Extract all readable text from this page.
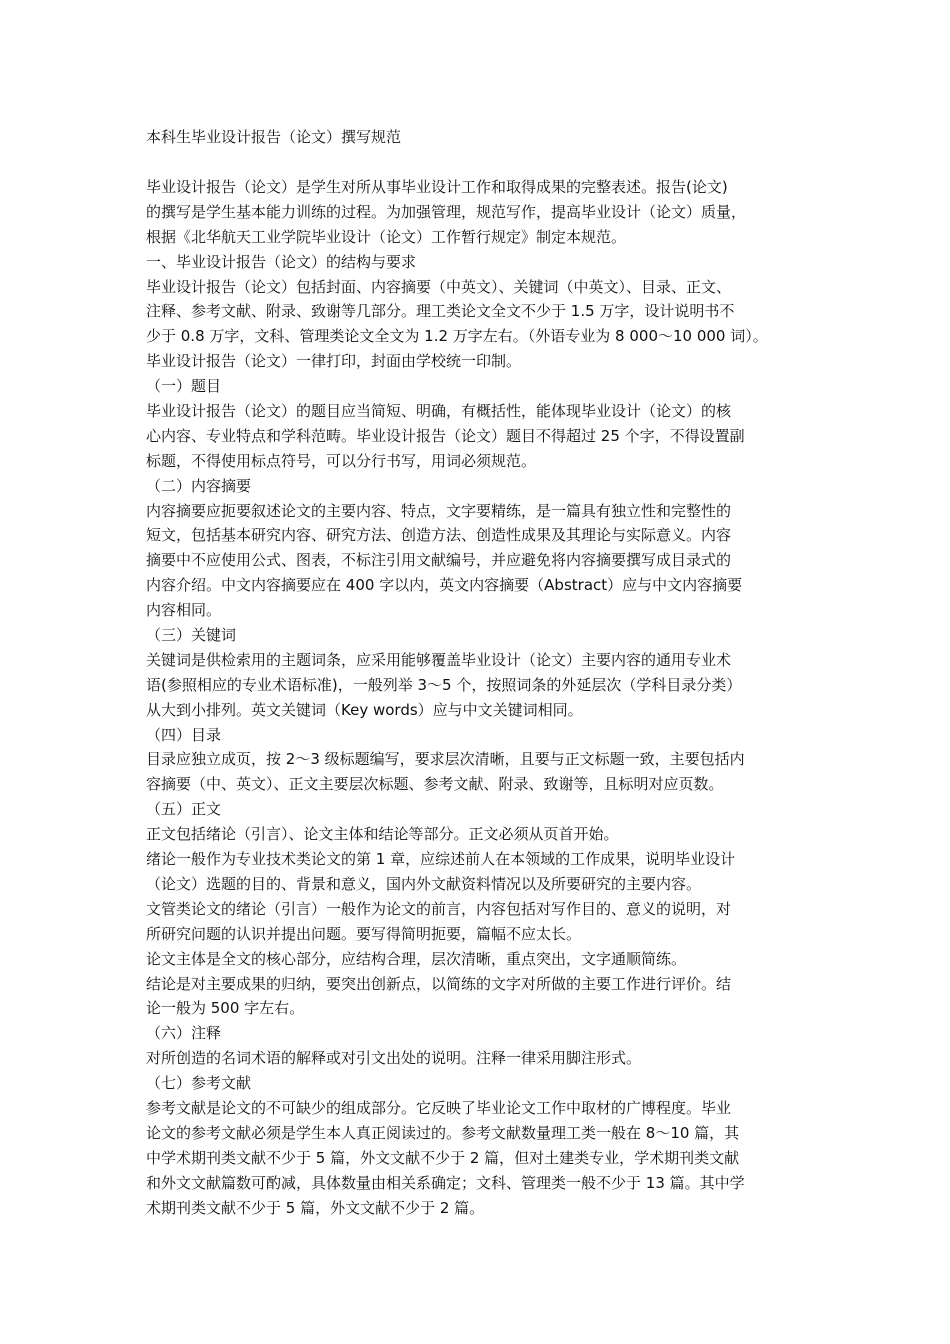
本科生毕业设计报告（论文）撰写规范
毕业设计报告（论文）是学生对所从事毕业设计工作和取得成果的完整表述。报告(论文)
的撰写是学生基本能力训练的过程。为加强管理，规范写作，提高毕业设计（论文）质量，
根据《北华航天工业学院毕业设计（论文）工作暂行规定》制定本规范。
一、毕业设计报告（论文）的结构与要求
毕业设计报告（论文）包括封面、内容摘要（中英文）、关键词（中英文）、目录、正文、
注释、参考文献、附录、致谢等几部分。理工类论文全文不少于 1.5 万字，设计说明书不
少于 0.8 万字，文科、管理类论文全文为 1.2 万字左右。（外语专业为 8 000～10 000 词）。
毕业设计报告（论文）一律打印，封面由学校统一印制。
（一）题目
毕业设计报告（论文）的题目应当简短、明确，有概括性，能体现毕业设计（论文）的核
心内容、专业特点和学科范畴。毕业设计报告（论文）题目不得超过 25 个字，不得设置副
标题，不得使用标点符号，可以分行书写，用词必须规范。
（二）内容摘要
内容摘要应扼要叙述论文的主要内容、特点，文字要精练，是一篇具有独立性和完整性的
短文，包括基本研究内容、研究方法、创造方法、创造性成果及其理论与实际意义。内容
摘要中不应使用公式、图表，不标注引用文献编号，并应避免将内容摘要撰写成目录式的
内容介绍。中文内容摘要应在 400 字以内，英文内容摘要（Abstract）应与中文内容摘要
内容相同。
（三）关键词
关键词是供检索用的主题词条，应采用能够覆盖毕业设计（论文）主要内容的通用专业术
语(参照相应的专业术语标准)，一般列举 3～5 个，按照词条的外延层次（学科目录分类）
从大到小排列。英文关键词（Key words）应与中文关键词相同。
（四）目录
目录应独立成页，按 2～3 级标题编写，要求层次清晰，且要与正文标题一致，主要包括内
容摘要（中、英文）、正文主要层次标题、参考文献、附录、致谢等，且标明对应页数。
（五）正文
正文包括绪论（引言）、论文主体和结论等部分。正文必须从页首开始。
绪论一般作为专业技术类论文的第 1 章，应综述前人在本领域的工作成果，说明毕业设计
（论文）选题的目的、背景和意义，国内外文献资料情况以及所要研究的主要内容。
文管类论文的绪论（引言）一般作为论文的前言，内容包括对写作目的、意义的说明，对
所研究问题的认识并提出问题。要写得简明扼要，篇幅不应太长。
论文主体是全文的核心部分，应结构合理，层次清晰，重点突出，文字通顺简练。
结论是对主要成果的归纳，要突出创新点，以简练的文字对所做的主要工作进行评价。结
论一般为 500 字左右。
（六）注释
对所创造的名词术语的解释或对引文出处的说明。注释一律采用脚注形式。
（七）参考文献
参考文献是论文的不可缺少的组成部分。它反映了毕业论文工作中取材的广博程度。毕业
论文的参考文献必须是学生本人真正阅读过的。参考文献数量理工类一般在 8～10 篇，其
中学术期刊类文献不少于 5 篇，外文文献不少于 2 篇，但对土建类专业，学术期刊类文献
和外文文献篇数可酌减，具体数量由相关系确定；文科、管理类一般不少于 13 篇。其中学
术期刊类文献不少于 5 篇，外文文献不少于 2 篇。
